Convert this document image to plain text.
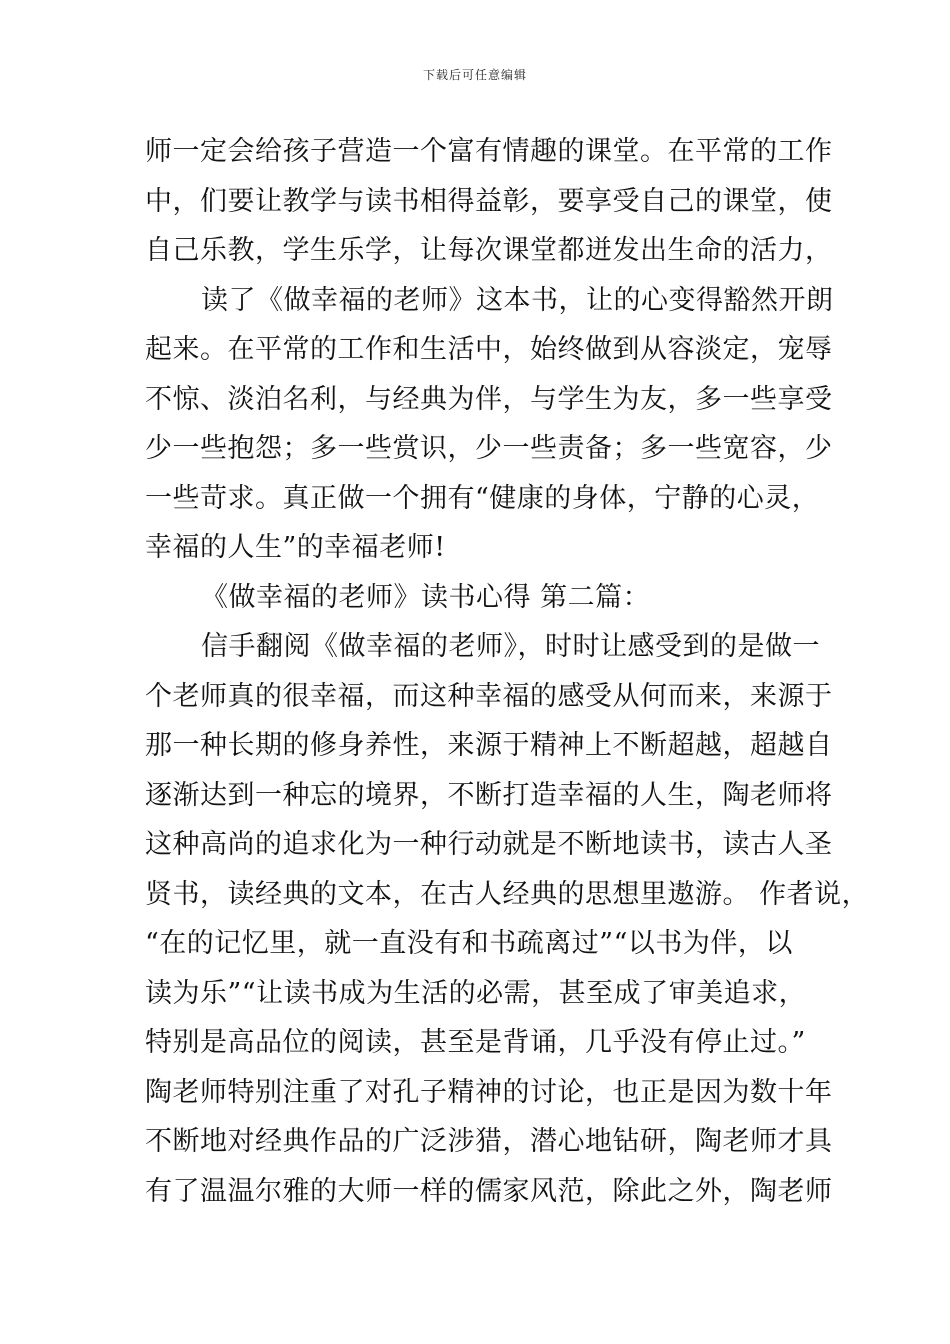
下载后可任意编辑
师一定会给孩子营造一个富有情趣的课堂。在平常的工作
中，们要让教学与读书相得益彰，要享受自己的课堂，使
自己乐教，学生乐学，让每次课堂都迸发出生命的活力，
读了《做幸福的老师》这本书，让的心变得豁然开朗
起来。在平常的工作和生活中，始终做到从容淡定，宠辱
不惊、淡泊名利，与经典为伴，与学生为友，多一些享受
少一些抱怨；多一些赏识，少一些责备；多一些宽容，少
一些苛求。真正做一个拥有“健康的身体，宁静的心灵，
幸福的人生”的幸福老师!
《做幸福的老师》读书心得 第二篇：
信手翻阅《做幸福的老师》，时时让感受到的是做一
个老师真的很幸福，而这种幸福的感受从何而来，来源于
那一种长期的修身养性，来源于精神上不断超越，超越自
逐渐达到一种忘的境界，不断打造幸福的人生，陶老师将
这种高尚的追求化为一种行动就是不断地读书，读古人圣
贤书，读经典的文本，在古人经典的思想里遨游。 作者说，
“在的记忆里，就一直没有和书疏离过”“以书为伴，以
读为乐”“让读书成为生活的必需，甚至成了审美追求，
特别是高品位的阅读，甚至是背诵，几乎没有停止过。”
陶老师特别注重了对孔子精神的讨论，也正是因为数十年
不断地对经典作品的广泛涉猎，潜心地钻研，陶老师才具
有了温温尔雅的大师一样的儒家风范，除此之外，陶老师
